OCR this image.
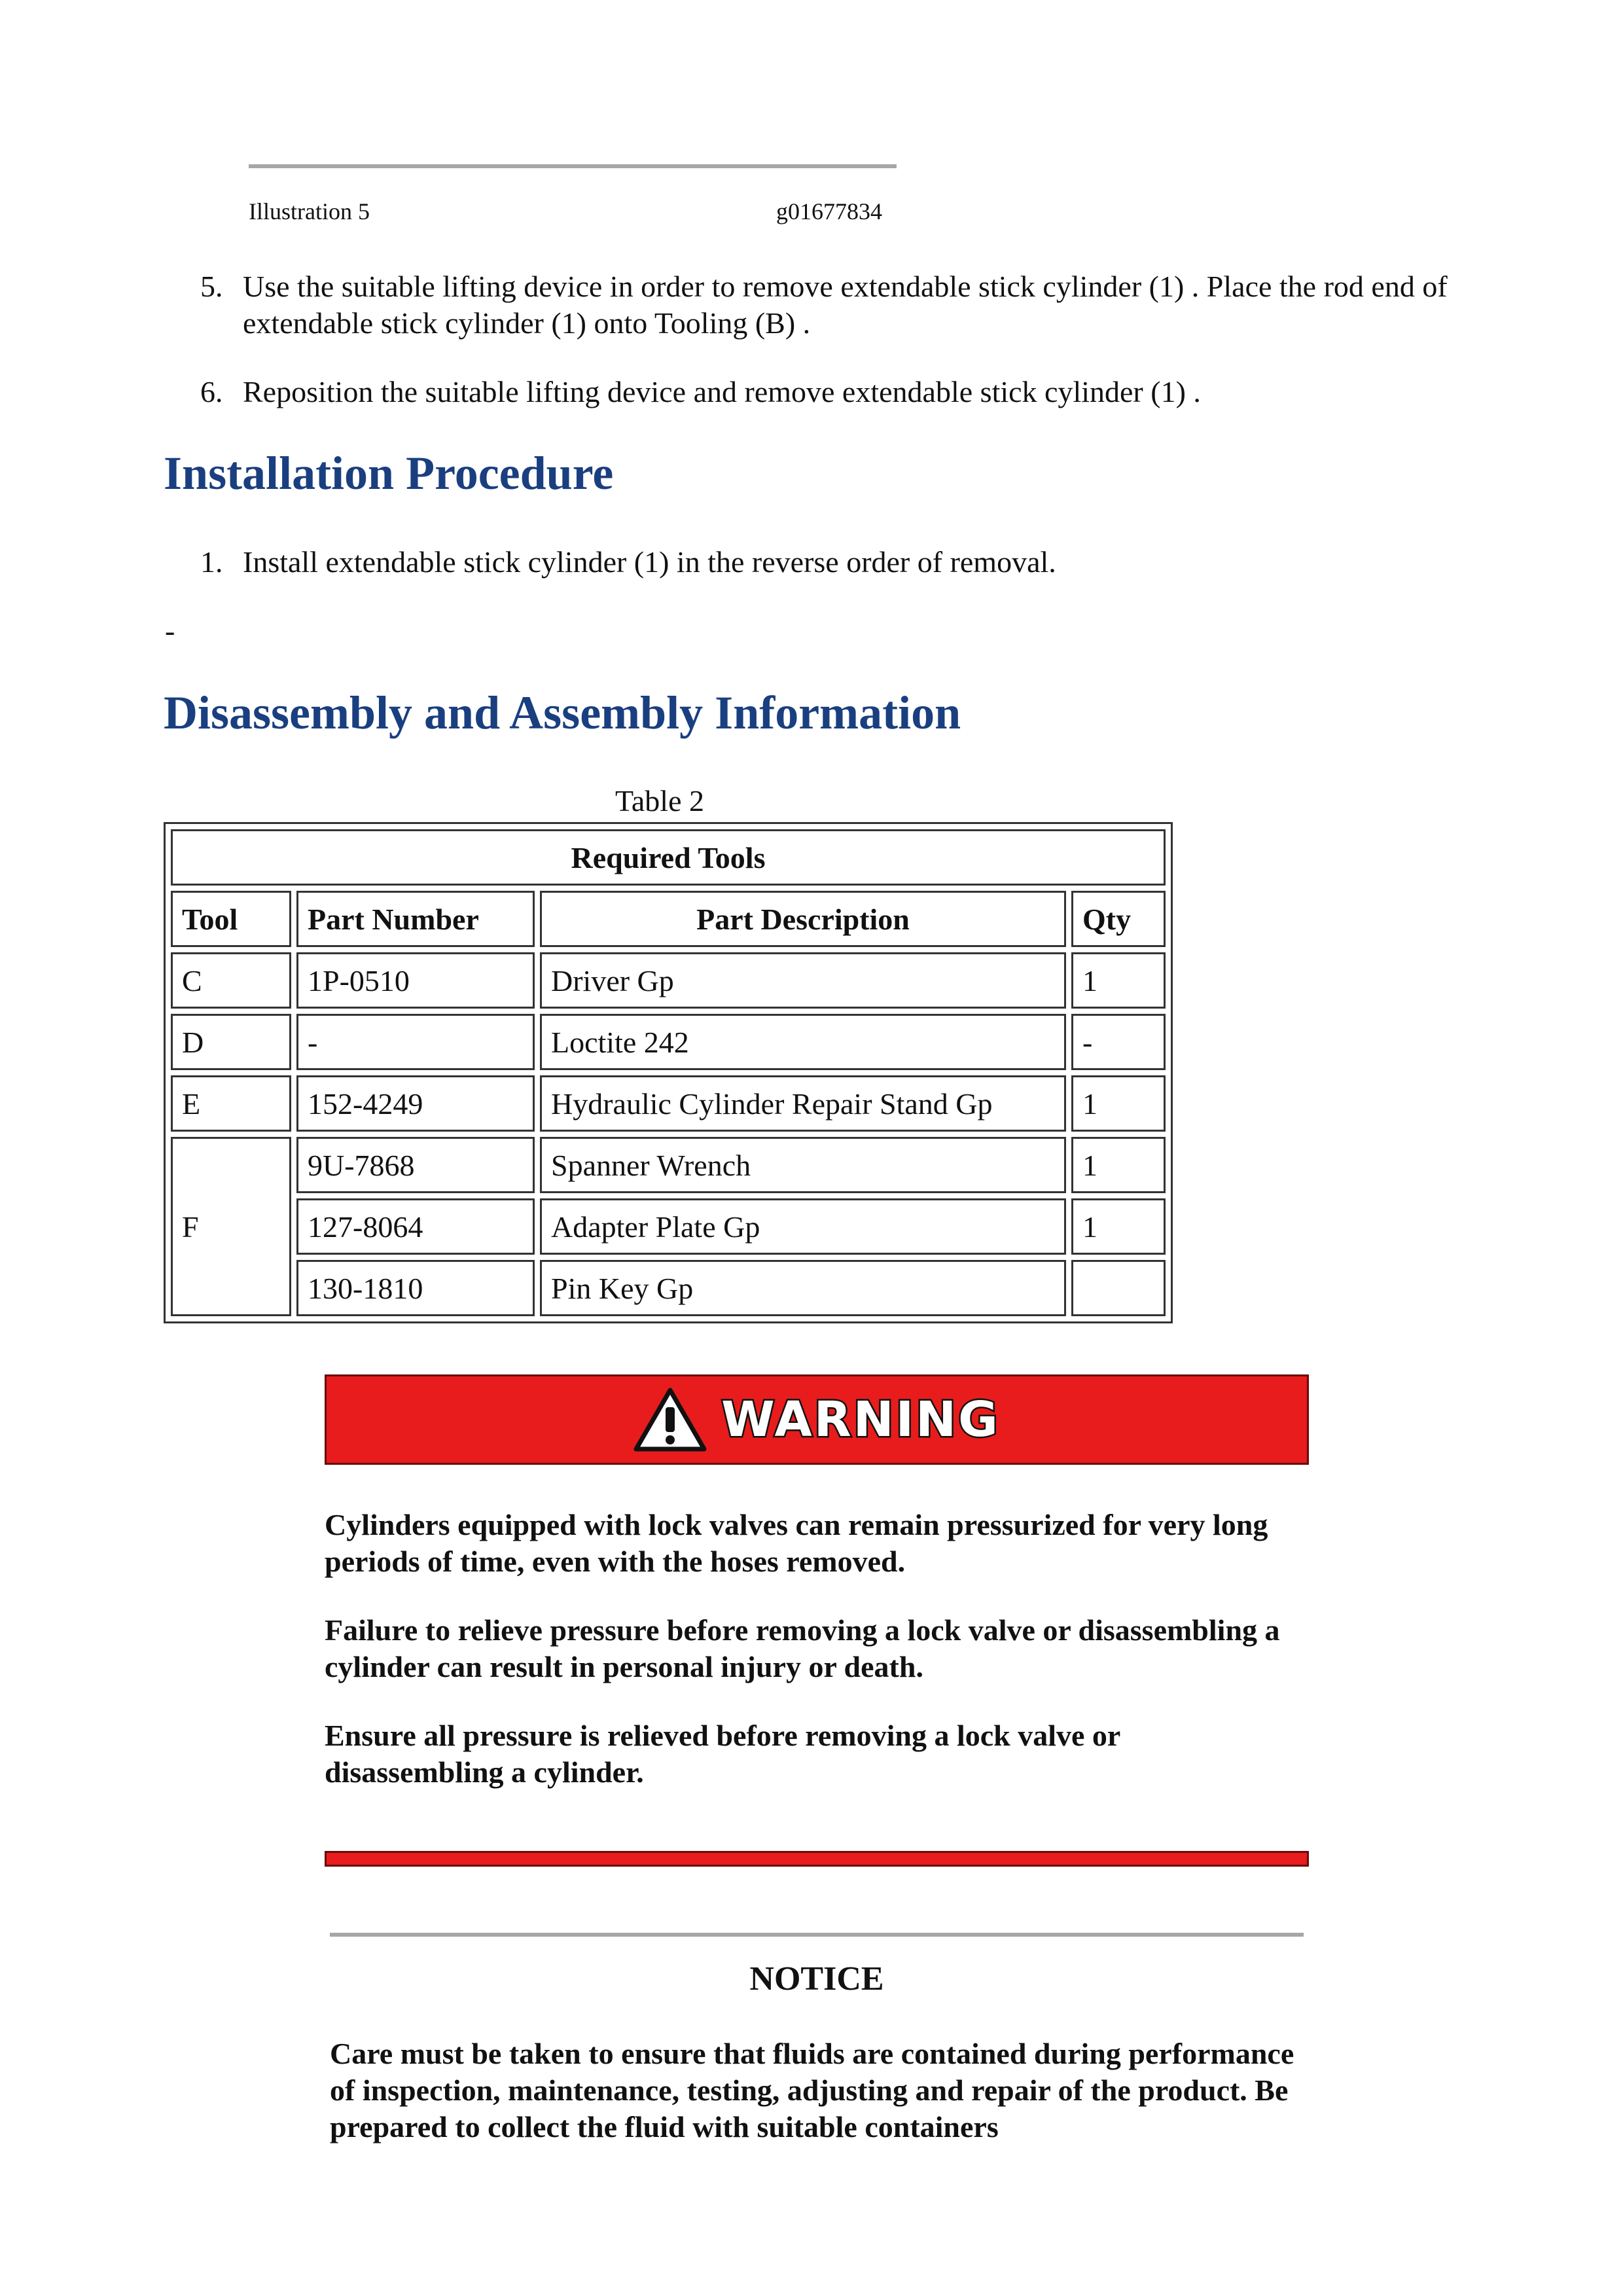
Illustration 5	g01677834
5. Use the suitable lifting device in order to remove extendable stick cylinder (1) . Place the rod end of extendable stick cylinder (1) onto Tooling (B) .
6. Reposition the suitable lifting device and remove extendable stick cylinder (1) .
Installation Procedure
1. Install extendable stick cylinder (1) in the reverse order of removal.
-
Disassembly and Assembly Information
Table 2
Required Tools			
Tool	Part Number	Part Description	Qty
C	1P-0510	Driver Gp	1
D	-	Loctite 242	-
E	152-4249	Hydraulic Cylinder Repair Stand Gp	1
F	9U-7868	Spanner Wrench	1
	127-8064	Adapter Plate Gp	1
	130-1810	Pin Key Gp	
WARNING
Cylinders equipped with lock valves can remain pressurized for very long periods of time, even with the hoses removed.
Failure to relieve pressure before removing a lock valve or disassembling a cylinder can result in personal injury or death.
Ensure all pressure is relieved before removing a lock valve or disassembling a cylinder.
NOTICE
Care must be taken to ensure that fluids are contained during performance of inspection, maintenance, testing, adjusting and repair of the product. Be prepared to collect the fluid with suitable containers
